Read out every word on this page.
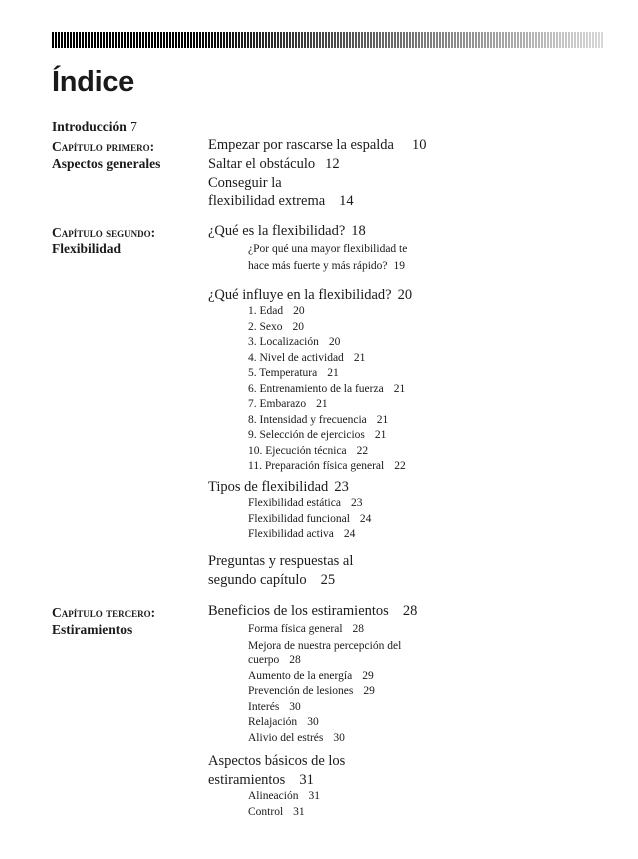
Índice
Introducción 7
Capítulo primero:
Aspectos generales
Empezar por rascarse la espalda 10
Saltar el obstáculo 12
Conseguir la
flexibilidad extrema 14
Capítulo segundo:
Flexibilidad
¿Qué es la flexibilidad? 18
¿Por qué una mayor flexibilidad te
hace más fuerte y más rápido? 19
¿Qué influye en la flexibilidad? 20
1. Edad 20
2. Sexo 20
3. Localización 20
4. Nivel de actividad 21
5. Temperatura 21
6. Entrenamiento de la fuerza 21
7. Embarazo 21
8. Intensidad y frecuencia 21
9. Selección de ejercicios 21
10. Ejecución técnica 22
11. Preparación física general 22
Tipos de flexibilidad 23
Flexibilidad estática 23
Flexibilidad funcional 24
Flexibilidad activa 24
Preguntas y respuestas al
segundo capítulo 25
Capítulo tercero:
Estiramientos
Beneficios de los estiramientos 28
Forma física general 28
Mejora de nuestra percepción del
cuerpo 28
Aumento de la energía 29
Prevención de lesiones 29
Interés 30
Relajación 30
Alivio del estrés 30
Aspectos básicos de los
estiramientos 31
Alineación 31
Control 31
